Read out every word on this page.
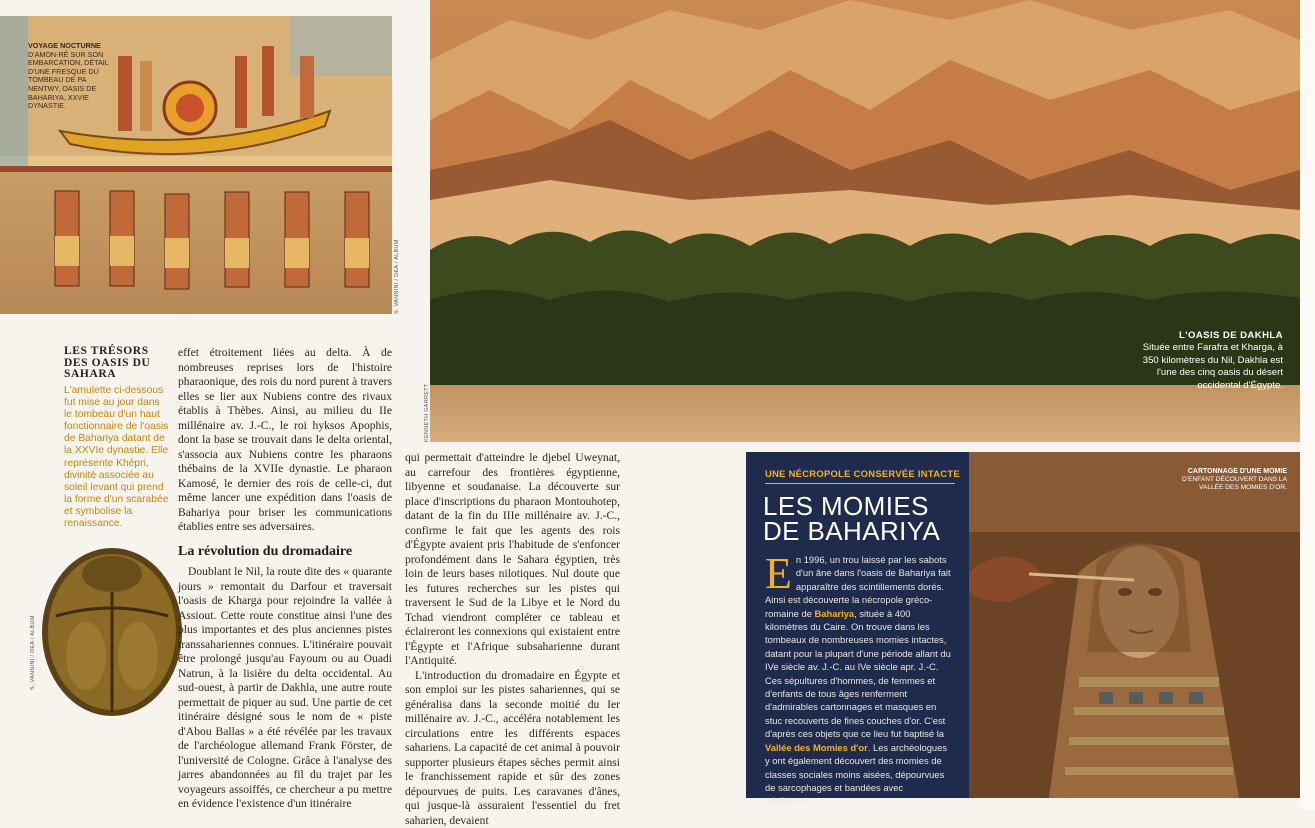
VOYAGE NOCTURNE
D'AMON-RÊ SUR SON EMBARCATION, DÉTAIL D'UNE FRESQUE DU TOMBEAU DE PA NENTWY, OASIS DE BAHARIYA, XXVIE DYNASTIE.
S. VANNINI / DEA / ALBUM
L'OASIS DE DAKHLA
Située entre Farafra et Kharga, à 350 kilomètres du Nil, Dakhla est l'une des cinq oasis du désert occidental d'Égypte.
KENNETH GARRETT
LES TRÉSORS DES OASIS DU SAHARA
L'amulette ci-dessous fut mise au jour dans le tombeau d'un haut fonctionnaire de l'oasis de Bahariya datant de la XXVIe dynastie. Elle représente Khépri, divinité associée au soleil levant qui prend la forme d'un scarabée et symbolise la renaissance.
S. VANNINI / DEA / ALBUM

effet étroitement liées au delta. À de nombreuses reprises lors de l'histoire pharaonique, des rois du nord purent à travers elles se lier aux Nubiens contre des rivaux établis à Thèbes. Ainsi, au milieu du IIe millénaire av. J.-C., le roi hyksos Apophis, dont la base se trouvait dans le delta oriental, s'associa aux Nubiens contre les pharaons thébains de la XVIIe dynastie. Le pharaon Kamosé, le dernier des rois de celle-ci, dut même lancer une expédition dans l'oasis de Bahariya pour briser les communications établies entre ses adversaires.

La révolution du dromadaire

Doublant le Nil, la route dite des « quarante jours » remontait du Darfour et traversait l'oasis de Kharga pour rejoindre la vallée à Assiout. Cette route constitue ainsi l'une des plus importantes et des plus anciennes pistes transsahariennes connues. L'itinéraire pouvait être prolongé jusqu'au Fayoum ou au Ouadi Natrun, à la lisière du delta occidental. Au sud-ouest, à partir de Dakhla, une autre route permettait de piquer au sud. Une partie de cet itinéraire désigné sous le nom de « piste d'Abou Ballas » a été révélée par les travaux de l'archéologue allemand Frank Förster, de l'université de Cologne. Grâce à l'analyse des jarres abandonnées au fil du trajet par les voyageurs assoiffés, ce chercheur a pu mettre en évidence l'existence d'un itinéraire

qui permettait d'atteindre le djebel Uweynat, au carrefour des frontières égyptienne, libyenne et soudanaise. La découverte sur place d'inscriptions du pharaon Montouhotep, datant de la fin du IIIe millénaire av. J.-C., confirme le fait que les agents des rois d'Égypte avaient pris l'habitude de s'enfoncer profondément dans le Sahara égyptien, très loin de leurs bases nilotiques. Nul doute que les futures recherches sur les pistes qui traversent le Sud de la Libye et le Nord du Tchad viendront compléter ce tableau et éclaireront les connexions qui existaient entre l'Égypte et l'Afrique subsaharienne durant l'Antiquité.

L'introduction du dromadaire en Égypte et son emploi sur les pistes sahariennes, qui se généralisa dans la seconde moitié du Ier millénaire av. J.-C., accéléra notablement les circulations entre les différents espaces sahariens. La capacité de cet animal à pouvoir supporter plusieurs étapes sèches permit ainsi le franchissement rapide et sûr des zones dépourvues de puits. Les caravanes d'ânes, qui jusque-là assuraient l'essentiel du fret saharien, devaient

UNE NÉCROPOLE CONSERVÉE INTACTE
LES MOMIES DE BAHARIYA
En 1996, un trou laissé par les sabots d'un âne dans l'oasis de Bahariya fait apparaître des scintillements dorés. Ainsi est découverte la nécropole gréco-romaine de Bahariya, située à 400 kilomètres du Caire. On trouve dans les tombeaux de nombreuses momies intactes, datant pour la plupart d'une période allant du IVe siècle av. J.-C. au IVe siècle apr. J.-C. Ces sépultures d'hommes, de femmes et d'enfants de tous âges renferment d'admirables cartonnages et masques en stuc recouverts de fines couches d'or. C'est d'après ces objets que ce lieu fut baptisé la Vallée des Momies d'or. Les archéologues y ont également découvert des momies de classes sociales moins aisées, dépourvues de sarcophages et bandées avec négligence.
CARTONNAGE D'UNE MOMIE
D'ENFANT DÉCOUVERT DANS LA VALLÉE DES MOMIES D'OR.
